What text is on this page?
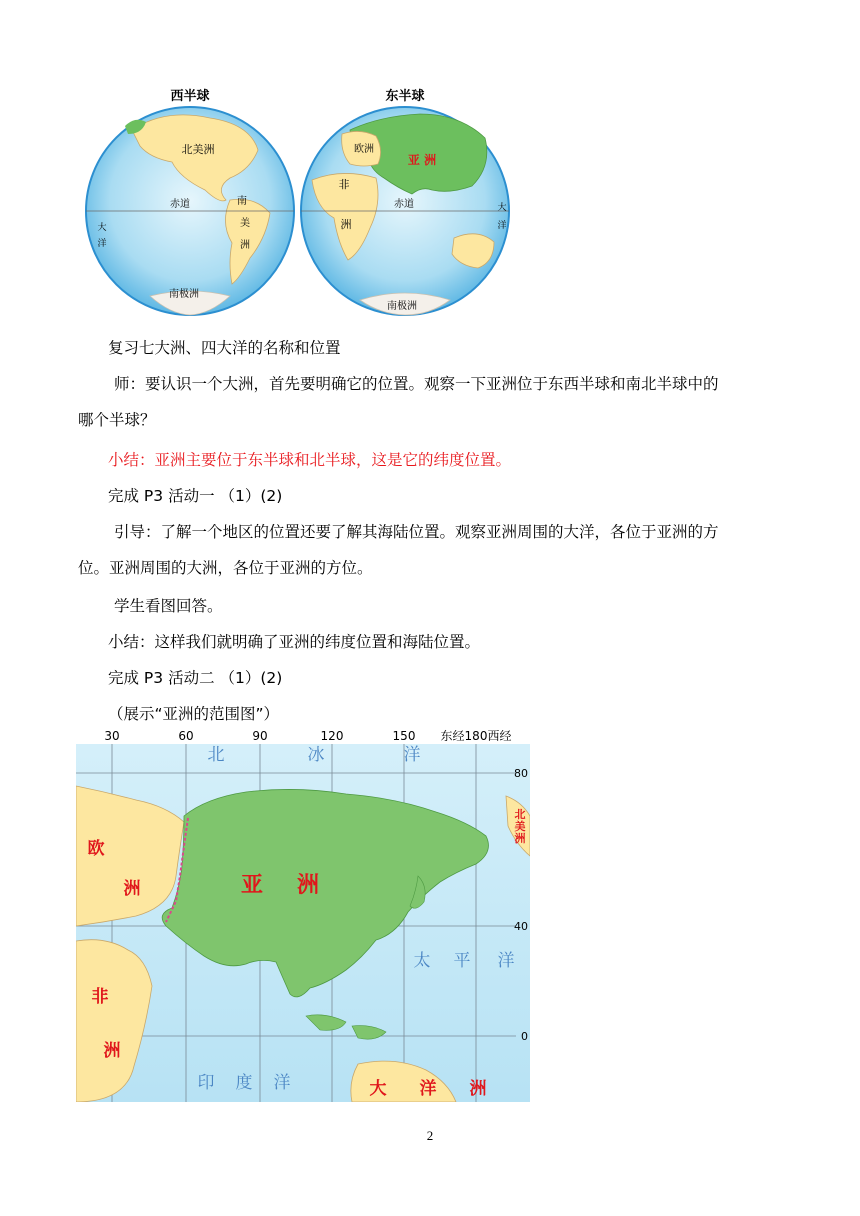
西半球
北美洲
赤道	南
美
洲
大
洋
南极洲
东半球
欧洲
亚 洲
非
洲
赤道	大
洋
南极洲
复习七大洲、四大洋的名称和位置
师：要认识一个大洲，首先要明确它的位置。观察一下亚洲位于东西半球和南北半球中的
哪个半球？
小结：亚洲主要位于东半球和北半球，这是它的纬度位置。
完成 P3 活动一 （1）(2)
引导：了解一个地区的位置还要了解其海陆位置。观察亚洲周围的大洋，各位于亚洲的方
位。亚洲周围的大洲，各位于亚洲的方位。
学生看图回答。
小结：这样我们就明确了亚洲的纬度位置和海陆位置。
完成 P3 活动二 （1）(2)
（展示“亚洲的范围图”）
30	60	90	120	150 东经180西经
80
40
0
北	冰	洋
太 平 洋
印 度 洋
亚 洲
欧
洲
非
洲
大 洋 洲
北
美
洲
2
